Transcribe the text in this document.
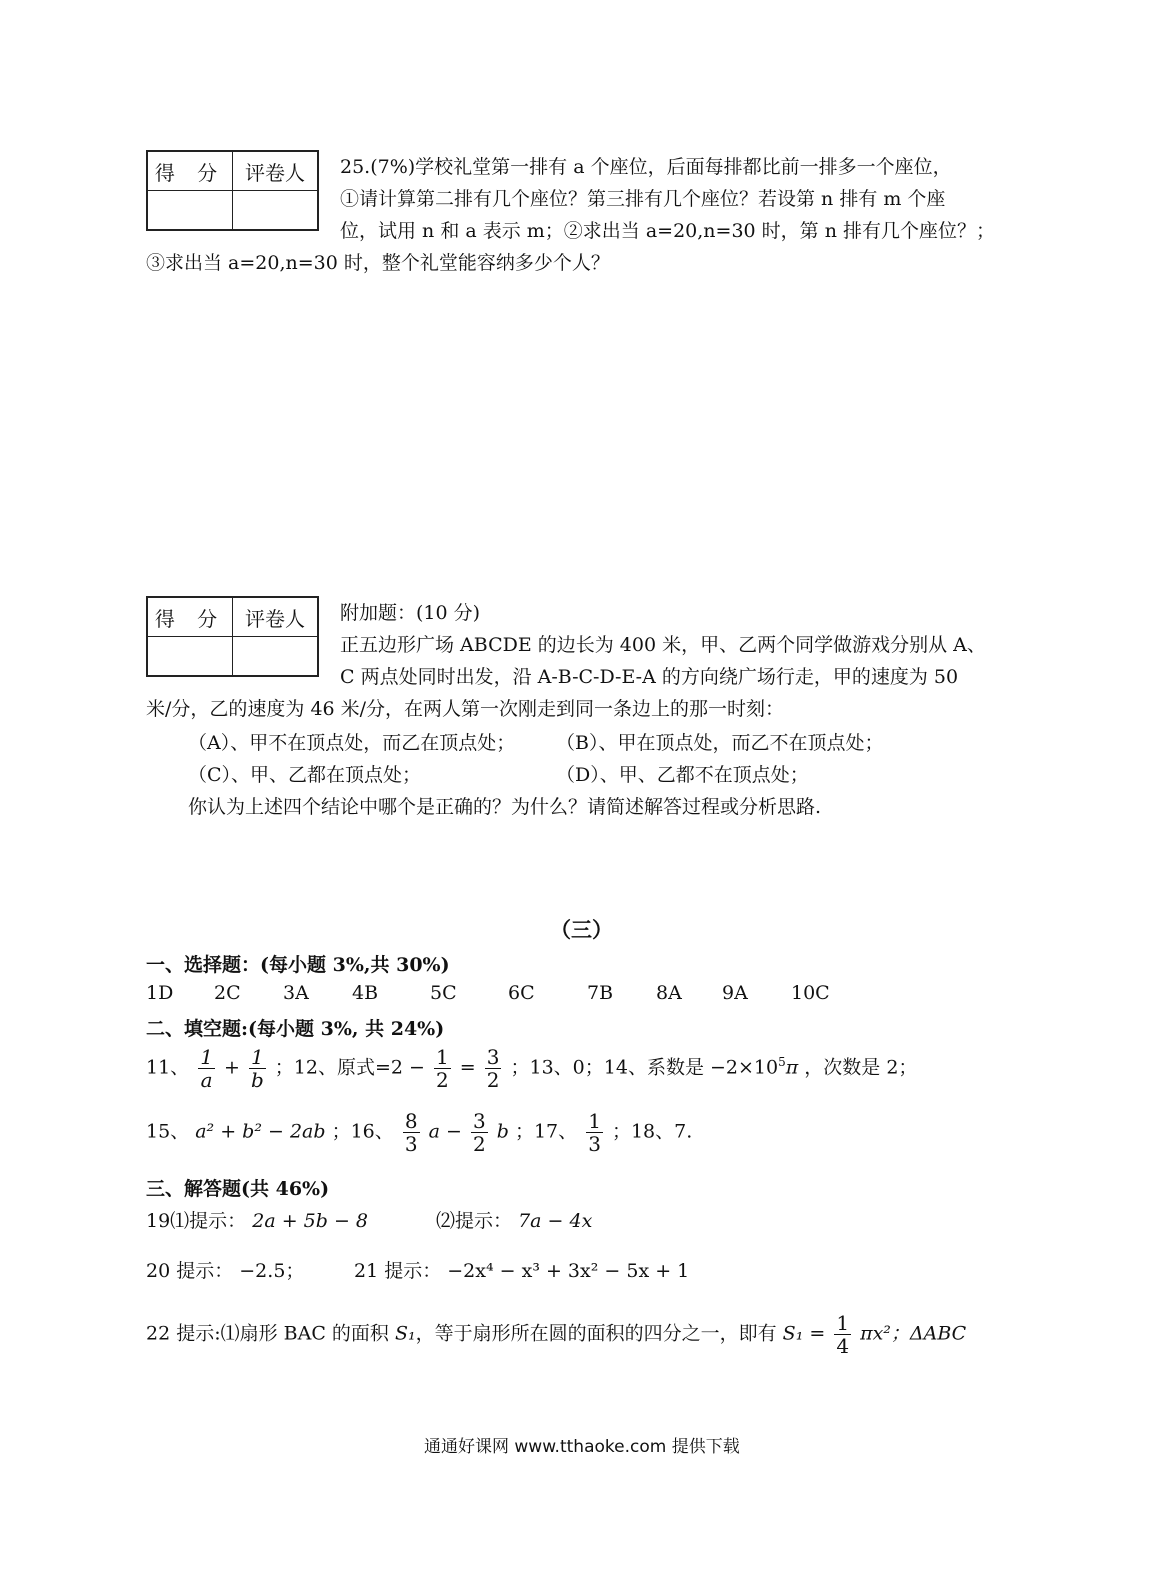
得 分	评卷人
	25.(7%)学校礼堂第一排有 a 个座位，后面每排都比前一排多一个座位，
①请计算第二排有几个座位？第三排有几个座位？若设第 n 排有 m 个座
位，试用 n 和 a 表示 m；②求出当 a=20,n=30 时，第 n 排有几个座位？；
③求出当 a=20,n=30 时，整个礼堂能容纳多少个人？
得 分	评卷人
	附加题：(10 分)
正五边形广场 ABCDE 的边长为 400 米，甲、乙两个同学做游戏分别从 A、
C 两点处同时出发，沿 A-B-C-D-E-A 的方向绕广场行走，甲的速度为 50
米/分，乙的速度为 46 米/分，在两人第一次刚走到同一条边上的那一时刻：
（A）、甲不在顶点处，而乙在顶点处； （B）、甲在顶点处，而乙不在顶点处；
（C）、甲、乙都在顶点处；	（D）、甲、乙都不在顶点处；
你认为上述四个结论中哪个是正确的？为什么？请简述解答过程或分析思路.
（三）
一、选择题：(每小题 3%,共 30%)
1D 2C 3A 4B	5C	6C	7B 8A 9A 10C
二、填空题:(每小题 3%, 共 24%)
11、 $\frac{1}{a} + \frac{1}{b}$ ；12、原式$=2 - \frac{1}{2} = \frac{3}{2}$ ；13、0；14、系数是 $-2\times 10^5\pi$ ，次数是 2；
15、 a² + b² − 2ab ；16、 $\frac{8}{3}$ $a - \frac{3}{2}$ b ；17、 $\frac{1}{3}$ ；18、7.
三、解答题(共 46%)
19⑴提示： 2a + 5b − 8	⑵提示： 7a − 4x
20 提示： −2.5；	21 提示： −2x⁴ − x³ + 3x² − 5x + 1
22 提示:⑴扇形 BAC 的面积 S₁，等于扇形所在圆的面积的四分之一，即有 $S_1 = \frac{1}{4} \pi x^2$；ΔABC
通通好课网 www.tthaoke.com 提供下载
